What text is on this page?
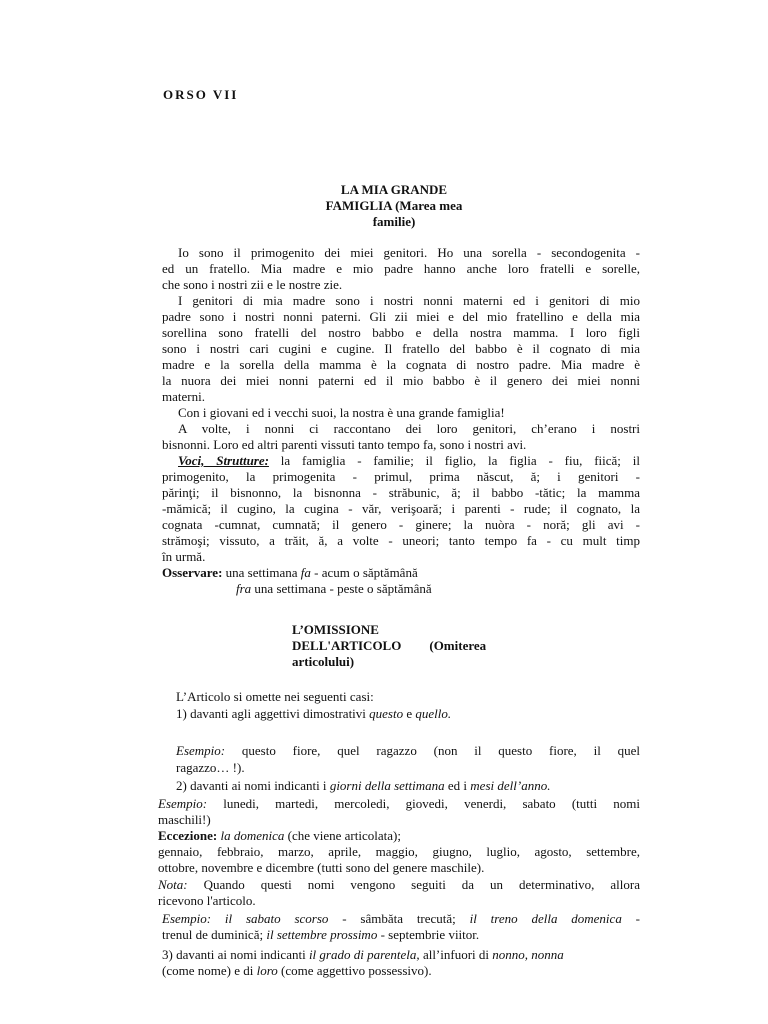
ORSO VII
LA MIA GRANDE
FAMIGLIA (Marea mea
familie)
Io sono il primogenito dei miei genitori. Ho una sorella - secondogenita -
ed un fratello. Mia madre e mio padre hanno anche loro fratelli e sorelle,
che sono i nostri zii e le nostre zie.
I genitori di mia madre sono i nostri nonni materni ed i genitori di mio
padre sono i nostri nonni paterni. Gli zii miei e del mio fratellino e della mia
sorellina sono fratelli del nostro babbo e della nostra mamma. I loro figli
sono i nostri cari cugini e cugine. Il fratello del babbo è il cognato di mia
madre e la sorella della mamma è la cognata di nostro padre. Mia madre è
la nuora dei miei nonni paterni ed il mio babbo è il genero dei miei nonni
materni.
Con i giovani ed i vecchi suoi, la nostra è una grande famiglia!
A volte, i nonni ci raccontano dei loro genitori, ch’erano i nostri
bisnonni. Loro ed altri parenti vissuti tanto tempo fa, sono i nostri avi.
Voci, Strutture: la famiglia - familie; il figlio, la figlia - fiu, fiică; il
primogenito, la primogenita - primul, prima născut, ă; i genitori -
părinţi; il bisnonno, la bisnonna - străbunic, ă; il babbo -tătic; la mamma
-mămică; il cugino, la cugina - văr, verişoară; i parenti - rude; il cognato, la
cognata -cumnat, cumnată; il genero - ginere; la nuòra - noră; gli avi -
strămoşi; vissuto, a trăit, ă, a volte - uneori; tanto tempo fa - cu mult timp
în urmă.
Osservare: una settimana fa - acum o săptămână
fra una settimana - peste o săptămână
L’OMISSIONE
DELL'ARTICOLO (Omiterea
articolului)
L’Articolo si omette nei seguenti casi:
1) davanti agli aggettivi dimostrativi questo e quello.
Esempio: questo fiore, quel ragazzo (non il questo fiore, il quel
ragazzo… !).
2) davanti ai nomi indicanti i giorni della settimana ed i mesi dell’anno.
Esempio: lunedi, martedi, mercoledi, giovedi, venerdi, sabato (tutti nomi
maschili!)
Eccezione: la domenica (che viene articolata);
gennaio, febbraio, marzo, aprile, maggio, giugno, luglio, agosto, settembre,
ottobre, novembre e dicembre (tutti sono del genere maschile).
Nota: Quando questi nomi vengono seguiti da un determinativo, allora
ricevono l'articolo.
Esempio: il sabato scorso - sâmbăta trecută; il treno della domenica -
trenul de duminică; il settembre prossimo - septembrie viitor.
3) davanti ai nomi indicanti il grado di parentela, all’infuori di nonno, nonna
(come nome) e di loro (come aggettivo possessivo).
